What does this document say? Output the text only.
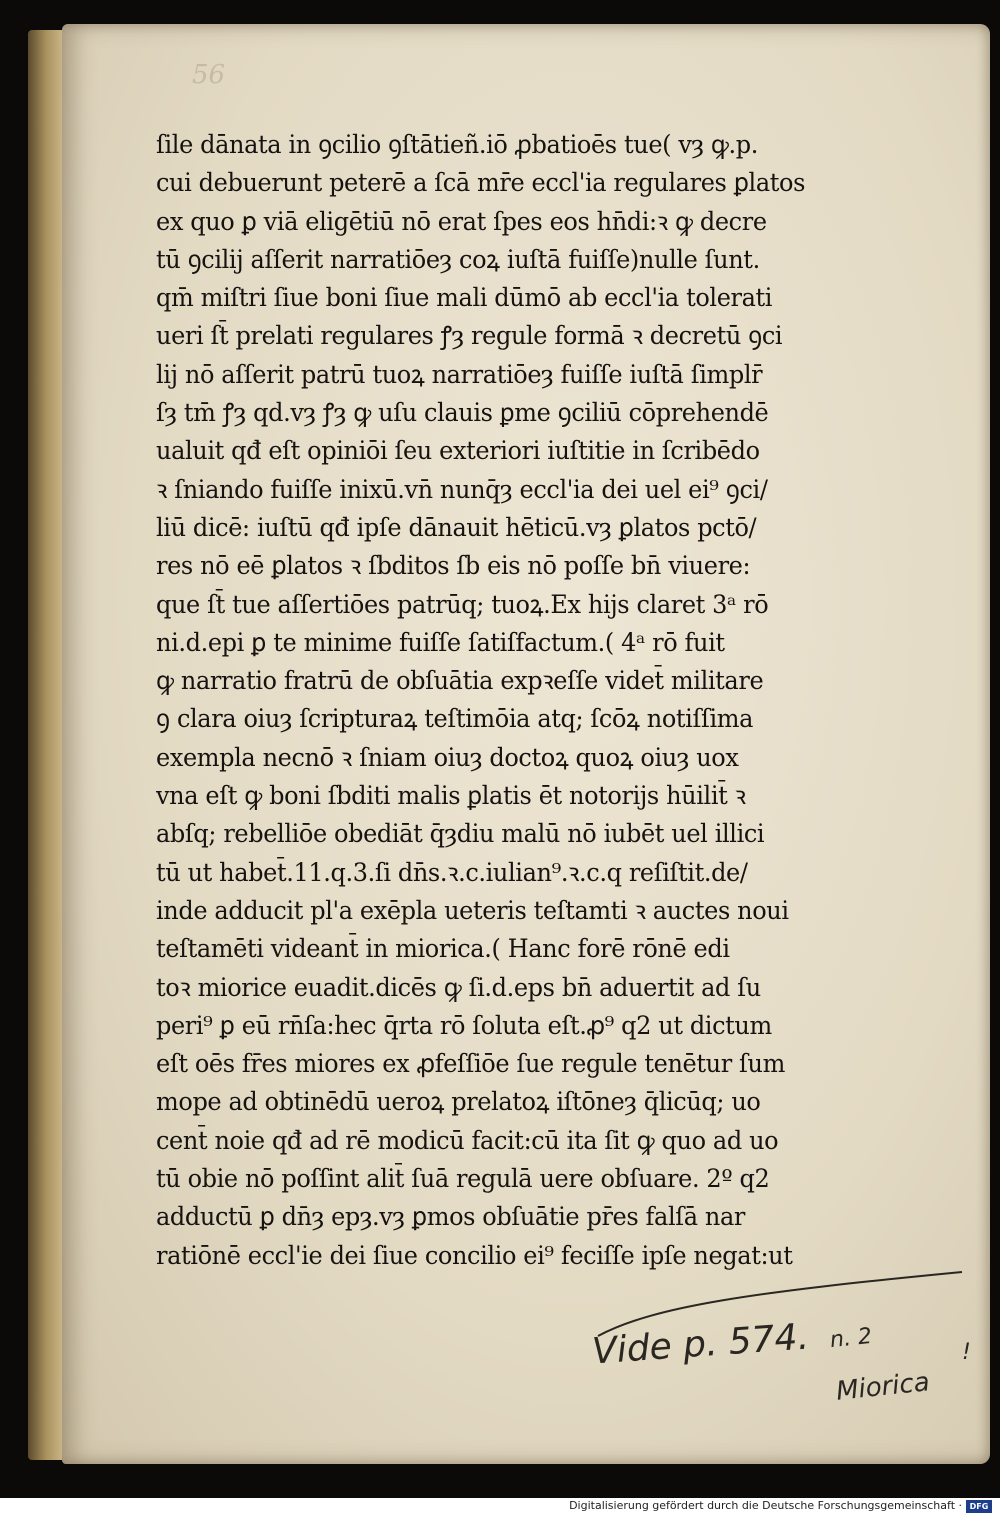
56
ſile dānata in ꝯcilio ꝯſtātieñ.iō ꝓbatioēs tue( vȝ ꝙ.p.
cui debuerunt peterē a ſcā mr̄e eccl'ia regulares ꝑlatos
ex quo ꝑ viā eligētiū nō erat ſpes eos hn̄di:ꝛ ꝙ decre
tū ꝯcilij aſſerit narratiōeȝ coꝝ iuſtā fuiſſe)nulle ſunt.
qm̄ miſtri ſiue boni ſiue mali dūmō ab eccl'ia tolerati
ueri ſt̄ prelati regulares ꝭȝ regule formā ꝛ decretū ꝯci
lij nō aſſerit patrū tuoꝝ narratiōeȝ fuiſſe iuſtā ſimplr̄
ſȝ tm̄ ꝭȝ qd.vȝ ꝭȝ ꝙ uſu clauis ꝑme ꝯciliū cōprehendē
ualuit qđ eſt opiniōi ſeu exteriori iuſtitie in ſcribēdo
ꝛ ſniando fuiſſe inixū.vn̄ nunq̄ȝ eccl'ia dei uel ei⁹ ꝯci/
liū dicē: iuſtū qđ ipſe dānauit hēticū.vȝ ꝑlatos pctō/
res nō eē ꝑlatos ꝛ ſbditos ſb eis nō poſſe bn̄ viuere:
que ſt̄ tue aſſertiōes patrūq; tuoꝝ.Ex hijs claret 3ᵃ rō
ni.d.epi ꝑ te minime fuiſſe ſatiſfactum.( 4ᵃ rō fuit
ꝙ narratio fratrū de obſuātia expꝛeſſe videt̄ militare
ꝯ clara oiuȝ ſcripturaꝝ teſtimōia atq; ſcōꝝ notiſſima
exempla necnō ꝛ ſniam oiuȝ doctoꝝ quoꝝ oiuȝ uox
vna eſt ꝙ boni ſbditi malis ꝑlatis ēt notorijs hūilit̄ ꝛ
abſq; rebelliōe obediāt q̄ȝdiu malū nō iubēt uel illici
tū ut habet̄.11.q.3.ſi dn̄s.ꝛ.c.iulian⁹.ꝛ.c.q reſiſtit.de/
inde adducit pl'a exēpla ueteris teſtamti ꝛ auctes noui
teſtamēti videant̄ in miorica.( Hanc forē rōnē edi
toꝛ miorice euadit.dicēs ꝙ ſi.d.eps bn̄ aduertit ad ſu
peri⁹ ꝑ eū rn̄ſa:hec q̄rta rō ſoluta eſt.ꝓ⁹ q2 ut dictum
eſt oēs fr̄es miores ex ꝓfeſſiōe ſue regule tenētur ſum
mope ad obtinēdū ueroꝝ prelatoꝝ iſtōneȝ q̄licūq; uo
cent̄ noie qđ ad rē modicū facit:cū ita ſit ꝙ quo ad uo
tū obie nō poſſint alit̄ ſuā regulā uere obſuare. 2º q2
adductū ꝑ dn̄ȝ epȝ.vȝ ꝑmos obſuātie pr̄es falſā nar
ratiōnē eccl'ie dei ſiue concilio ei⁹ feciſſe ipſe negat:ut
Vide p. 574. n. 2
Miorica
!
Digitalisierung gefördert durch die Deutsche Forschungsgemeinschaft · DFG
